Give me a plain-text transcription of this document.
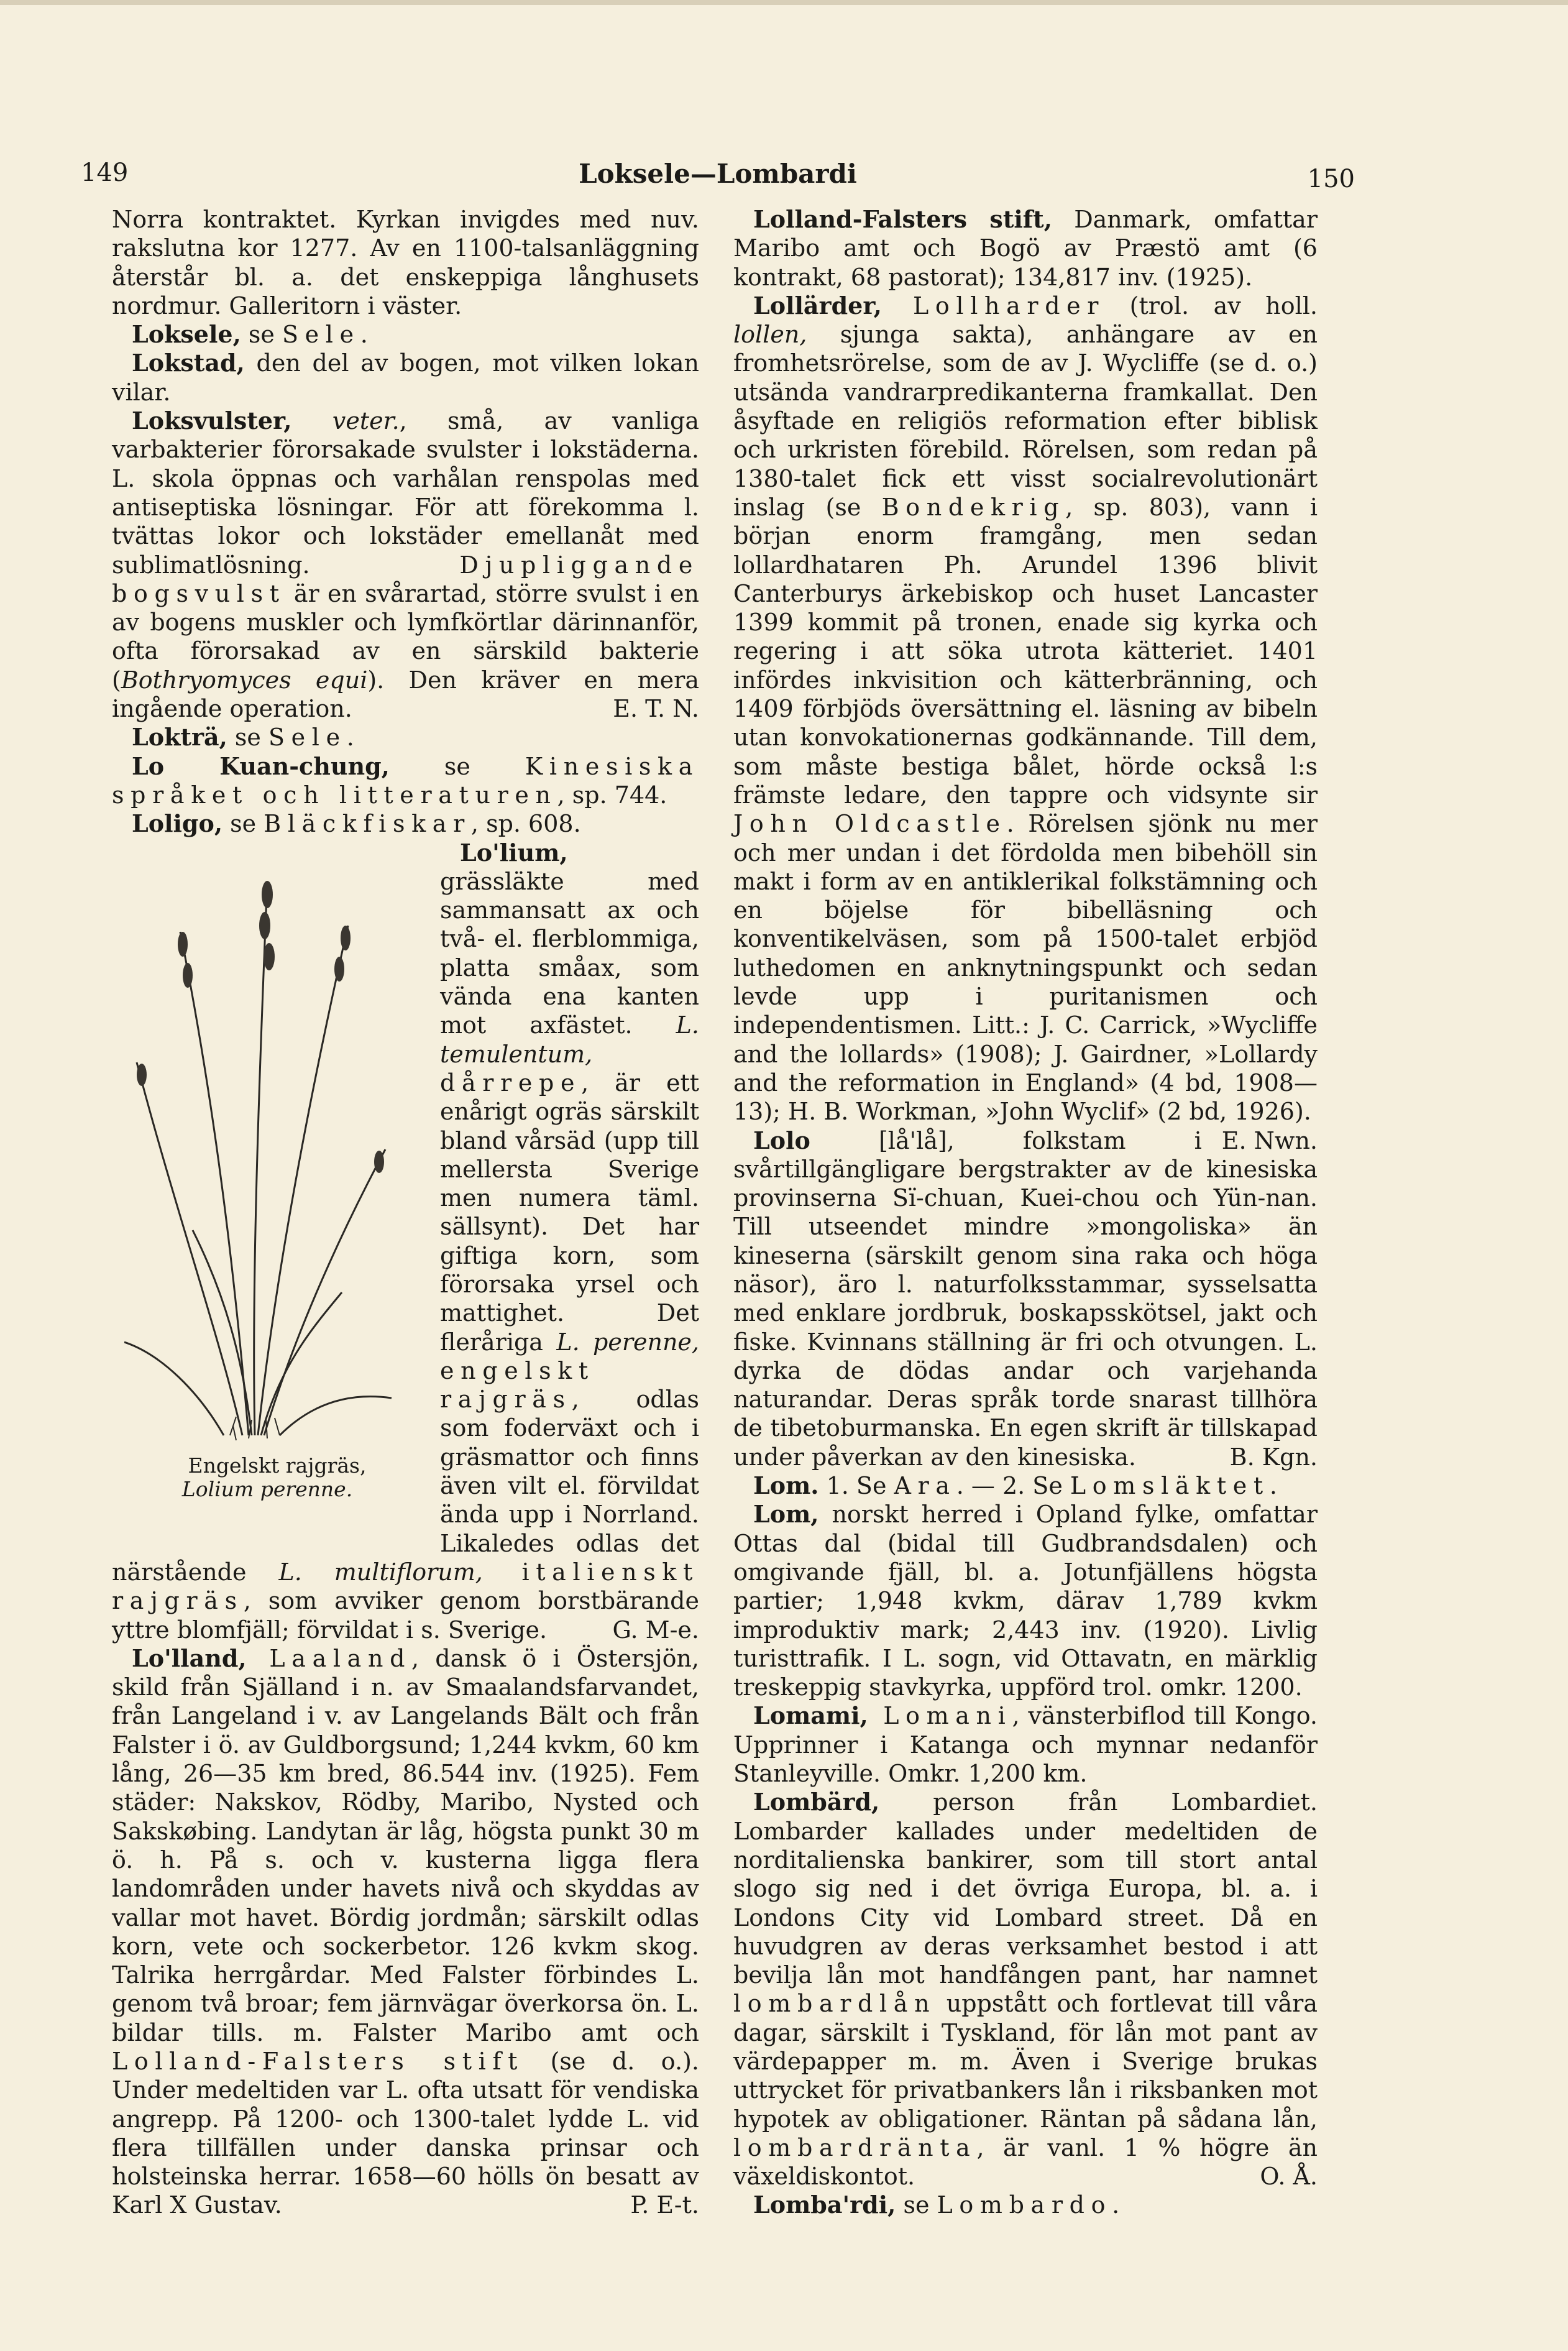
149	Loksele—Lombardi	150

Norra kontraktet. Kyrkan invigdes med nuv. rakslutna kor 1277. Av en 1100-talsanläggning återstår bl. a. det enskeppiga långhusets nordmur. Galleritorn i väster.

Loksele, se Sele.

Lokstad, den del av bogen, mot vilken lokan vilar.

Loksvulster, veter., små, av vanliga varbakterier förorsakade svulster i lokstäderna. L. skola öppnas och varhålan renspolas med antiseptiska lösningar. För att förekomma l. tvättas lokor och lokstäder emellanåt med sublimatlösning. Djupliggande bogsvulst är en svårartad, större svulst i en av bogens muskler och lymfkörtlar därinnanför, ofta förorsakad av en särskild bakterie (Bothryomyces equi). Den kräver en mera ingående operation.	E. T. N.

Lokträ, se Sele.

Lo Kuan-chung, se Kinesiska språket och litteraturen, sp. 744.

Loligo, se Bläckfiskar, sp. 608.

Engelskt rajgräs,
Lolium perenne.
Lo'lium, grässläkte med sammansatt ax och två- el. flerblommiga, platta småax, som vända ena kanten mot axfästet. L. temulentum, dårrepe, är ett enårigt ogräs särskilt bland vårsäd (upp till mellersta Sverige men numera täml. sällsynt). Det har giftiga korn, som förorsaka yrsel och mattighet. Det fleråriga L. perenne, engelskt rajgräs, odlas som foderväxt och i gräsmattor och finns även vilt el. förvildat ända upp i Norrland. Likaledes odlas det närstående L. multiflorum, italienskt rajgräs, som avviker genom borstbärande yttre blomfjäll; förvildat i s. Sverige.	G. M-e.

Lo'lland, Laaland, dansk ö i Östersjön, skild från Själland i n. av Smaalandsfarvandet, från Langeland i v. av Langelands Bält och från Falster i ö. av Guldborgsund; 1,244 kvkm, 60 km lång, 26—35 km bred, 86.544 inv. (1925). Fem städer: Nakskov, Rödby, Maribo, Nysted och Sakskøbing. Landytan är låg, högsta punkt 30 m ö. h. På s. och v. kusterna ligga flera landområden under havets nivå och skyddas av vallar mot havet. Bördig jordmån; särskilt odlas korn, vete och sockerbetor. 126 kvkm skog. Talrika herrgårdar. Med Falster förbindes L. genom två broar; fem järnvägar överkorsa ön. L. bildar tills. m. Falster Maribo amt och Lolland-Falsters stift (se d. o.). Under medeltiden var L. ofta utsatt för vendiska angrepp. På 1200- och 1300-talet lydde L. vid flera tillfällen under danska prinsar och holsteinska herrar. 1658—60 hölls ön besatt av Karl X Gustav.	P. E-t.

Lolland-Falsters stift, Danmark, omfattar Maribo amt och Bogö av Præstö amt (6 kontrakt, 68 pastorat); 134,817 inv. (1925).

Lollärder, Lollharder (trol. av holl. lollen, sjunga sakta), anhängare av en fromhetsrörelse, som de av J. Wycliffe (se d. o.) utsända vandrarpredikanterna framkallat. Den åsyftade en religiös reformation efter biblisk och urkristen förebild. Rörelsen, som redan på 1380-talet fick ett visst socialrevolutionärt inslag (se Bondekrig, sp. 803), vann i början enorm framgång, men sedan lollardhataren Ph. Arundel 1396 blivit Canterburys ärkebiskop och huset Lancaster 1399 kommit på tronen, enade sig kyrka och regering i att söka utrota kätteriet. 1401 infördes inkvisition och kätterbränning, och 1409 förbjöds översättning el. läsning av bibeln utan konvokationernas godkännande. Till dem, som måste bestiga bålet, hörde också l:s främste ledare, den tappre och vidsynte sir John Oldcastle. Rörelsen sjönk nu mer och mer undan i det fördolda men bibehöll sin makt i form av en antiklerikal folkstämning och en böjelse för bibelläsning och konventikelväsen, som på 1500-talet erbjöd luthedomen en anknytningspunkt och sedan levde upp i puritanismen och independentismen. Litt.: J. C. Carrick, »Wycliffe and the lollards» (1908); J. Gairdner, »Lollardy and the reformation in England» (4 bd, 1908—13); H. B. Workman, »John Wyclif» (2 bd, 1926).
E. Nwn.

Lolo [lå'lå], folkstam i svårtillgängligare bergstrakter av de kinesiska provinserna Sï-chuan, Kuei-chou och Yün-nan. Till utseendet mindre »mongoliska» än kineserna (särskilt genom sina raka och höga näsor), äro l. naturfolksstammar, sysselsatta med enklare jordbruk, boskapsskötsel, jakt och fiske. Kvinnans ställning är fri och otvungen. L. dyrka de dödas andar och varjehanda naturandar. Deras språk torde snarast tillhöra de tibetoburmanska. En egen skrift är tillskapad under påverkan av den kinesiska.	B. Kgn.

Lom. 1. Se Ara. — 2. Se Lomsläktet.

Lom, norskt herred i Opland fylke, omfattar Ottas dal (bidal till Gudbrandsdalen) och omgivande fjäll, bl. a. Jotunfjällens högsta partier; 1,948 kvkm, därav 1,789 kvkm improduktiv mark; 2,443 inv. (1920). Livlig turisttrafik. I L. sogn, vid Ottavatn, en märklig treskeppig stavkyrka, uppförd trol. omkr. 1200.

Lomami, Lomani, vänsterbiflod till Kongo. Upprinner i Katanga och mynnar nedanför Stanleyville. Omkr. 1,200 km.

Lombärd, person från Lombardiet. Lombarder kallades under medeltiden de norditalienska bankirer, som till stort antal slogo sig ned i det övriga Europa, bl. a. i Londons City vid Lombard street. Då en huvudgren av deras verksamhet bestod i att bevilja lån mot handfången pant, har namnet lombardlån uppstått och fortlevat till våra dagar, särskilt i Tyskland, för lån mot pant av värdepapper m. m. Även i Sverige brukas uttrycket för privatbankers lån i riksbanken mot hypotek av obligationer. Räntan på sådana lån, lombardränta, är vanl. 1 % högre än växeldiskontot.	O. Å.

Lomba'rdi, se Lombardo.
